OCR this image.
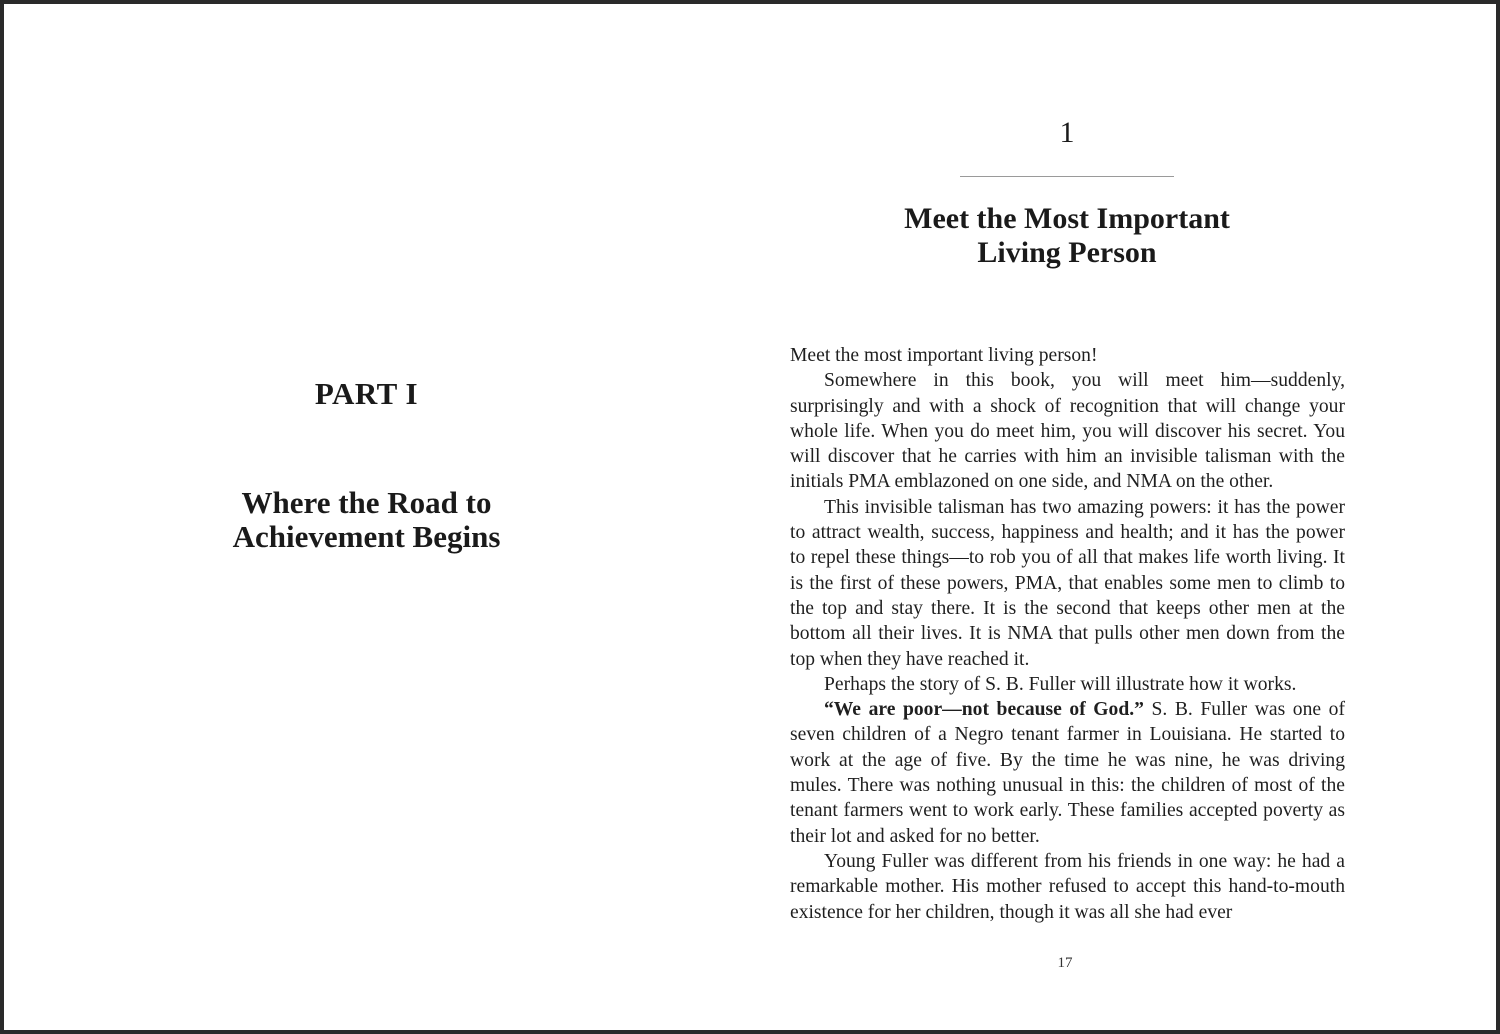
PART I
Where the Road to
Achievement Begins
1
Meet the Most Important
Living Person

Meet the most important living person!

Somewhere in this book, you will meet him—suddenly, surprisingly and with a shock of recognition that will change your whole life. When you do meet him, you will discover his secret. You will discover that he carries with him an invisible talisman with the initials PMA emblazoned on one side, and NMA on the other.

This invisible talisman has two amazing powers: it has the power to attract wealth, success, happiness and health; and it has the power to repel these things—to rob you of all that makes life worth living. It is the first of these powers, PMA, that enables some men to climb to the top and stay there. It is the second that keeps other men at the bottom all their lives. It is NMA that pulls other men down from the top when they have reached it.

Perhaps the story of S. B. Fuller will illustrate how it works.

“We are poor—not because of God.” S. B. Fuller was one of seven children of a Negro tenant farmer in Louisiana. He started to work at the age of five. By the time he was nine, he was driving mules. There was nothing unusual in this: the children of most of the tenant farmers went to work early. These families accepted poverty as their lot and asked for no better.

Young Fuller was different from his friends in one way: he had a remarkable mother. His mother refused to accept this hand-to-mouth existence for her children, though it was all she had ever

17
